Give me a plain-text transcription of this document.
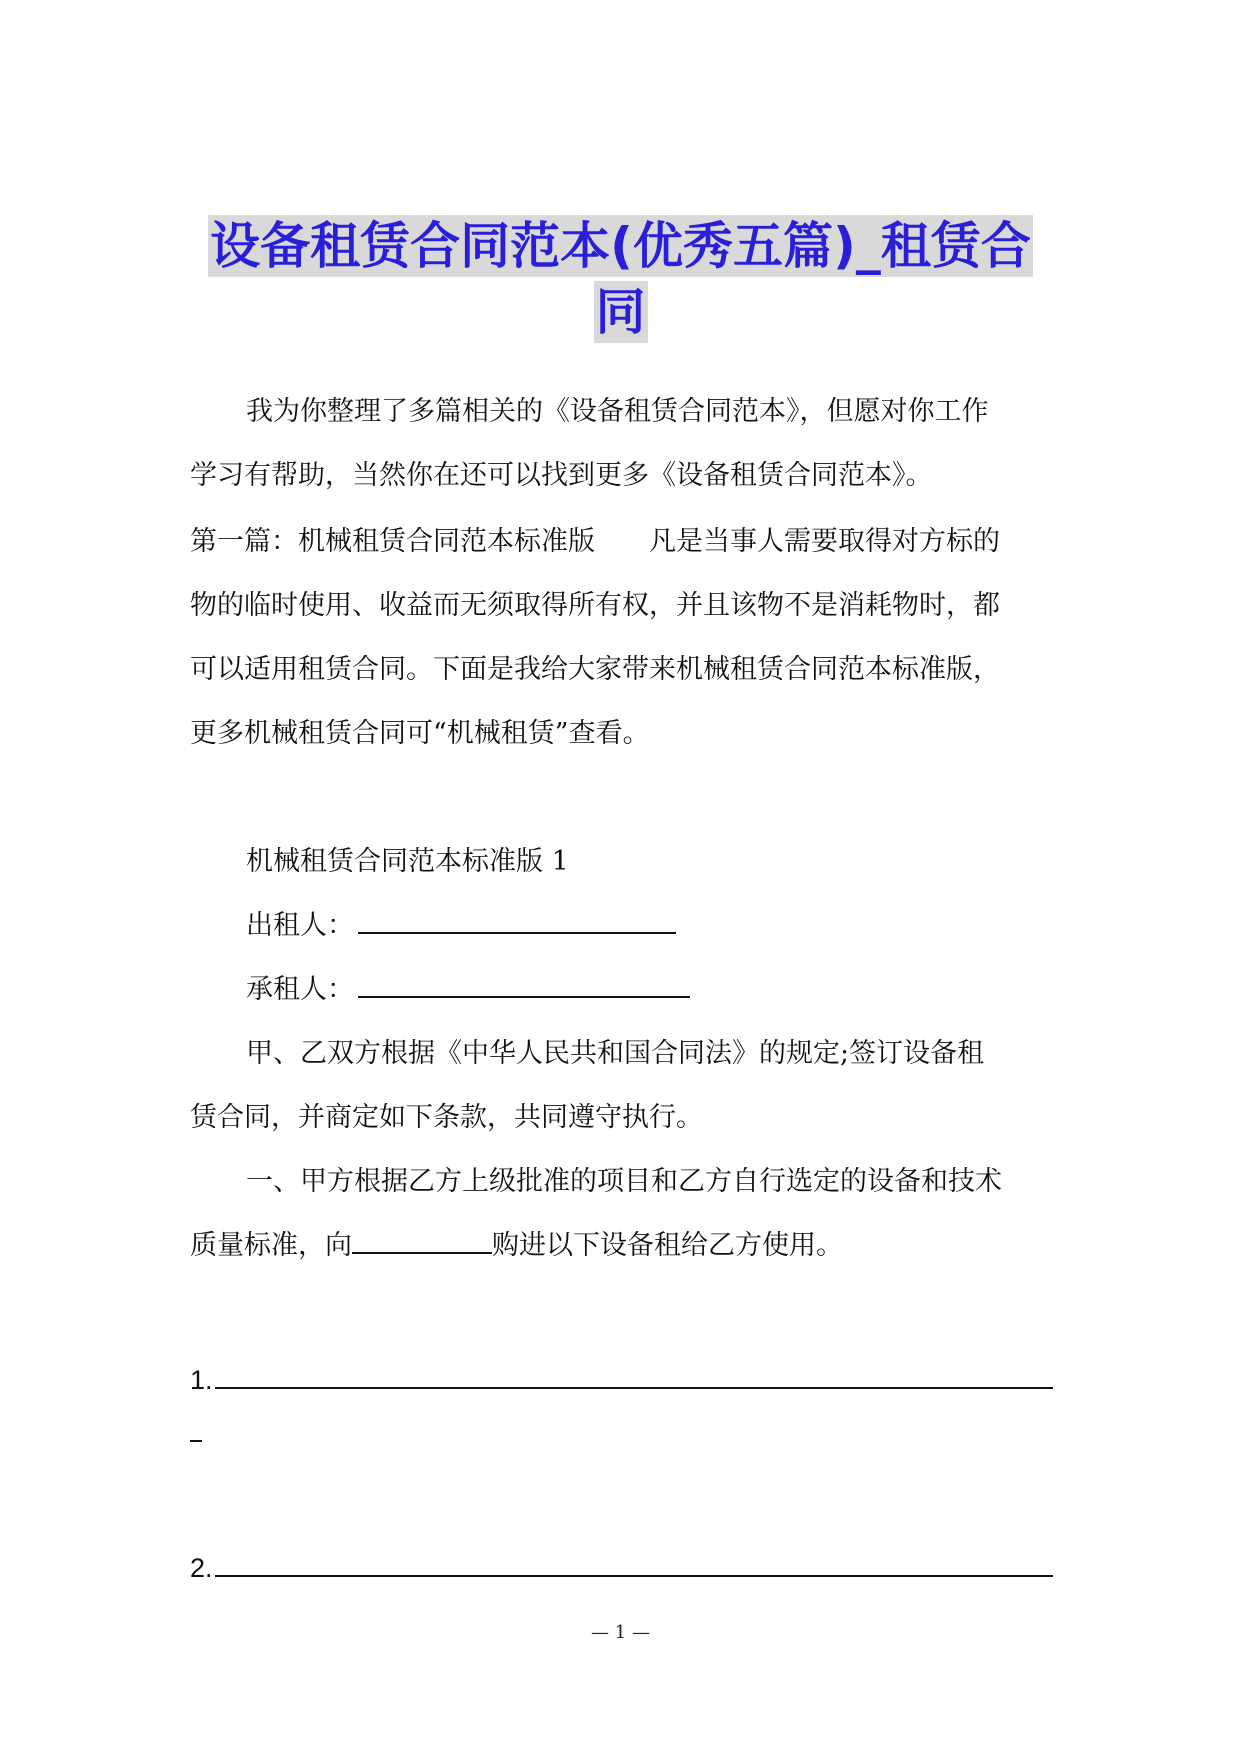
设备租赁合同范本(优秀五篇)_租赁合
同
我为你整理了多篇相关的《设备租赁合同范本》，但愿对你工作
学习有帮助，当然你在还可以找到更多《设备租赁合同范本》。
第一篇：机械租赁合同范本标准版　　凡是当事人需要取得对方标的
物的临时使用、收益而无须取得所有权，并且该物不是消耗物时，都
可以适用租赁合同。下面是我给大家带来机械租赁合同范本标准版，
更多机械租赁合同可“机械租赁”查看。
机械租赁合同范本标准版 1
出租人：
承租人：
甲、乙双方根据《中华人民共和国合同法》的规定;签订设备租
赁合同，并商定如下条款，共同遵守执行。
一、甲方根据乙方上级批准的项目和乙方自行选定的设备和技术
质量标准，向	购进以下设备租给乙方使用。
1.
2.
— 1 —
